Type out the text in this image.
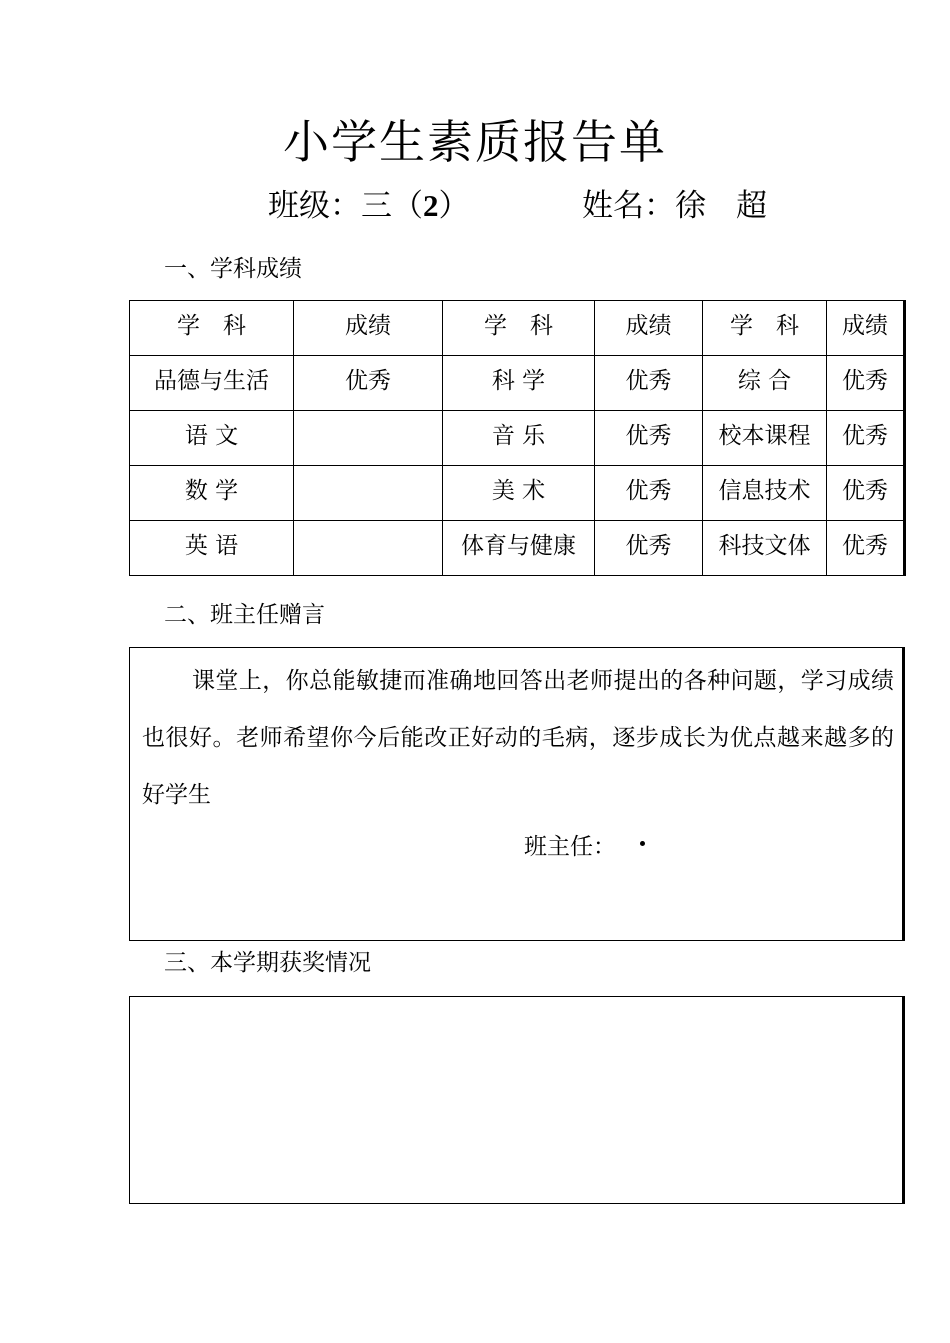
小学生素质报告单
班级：三（2）	姓名：徐 超
一、学科成绩
学　科	成绩	学　科	成绩	学　科	成绩
品德与生活	优秀	科 学	优秀	综 合	优秀
语 文		音 乐	优秀	校本课程	优秀
数 学		美 术	优秀	信息技术	优秀
英 语		体育与健康	优秀	科技文体	优秀
二、班主任赠言
课堂上，你总能敏捷而准确地回答出老师提出的各种问题，学习成绩也很好。老师希望你今后能改正好动的毛病，逐步成长为优点越来越多的好学生
班主任：
三、本学期获奖情况
